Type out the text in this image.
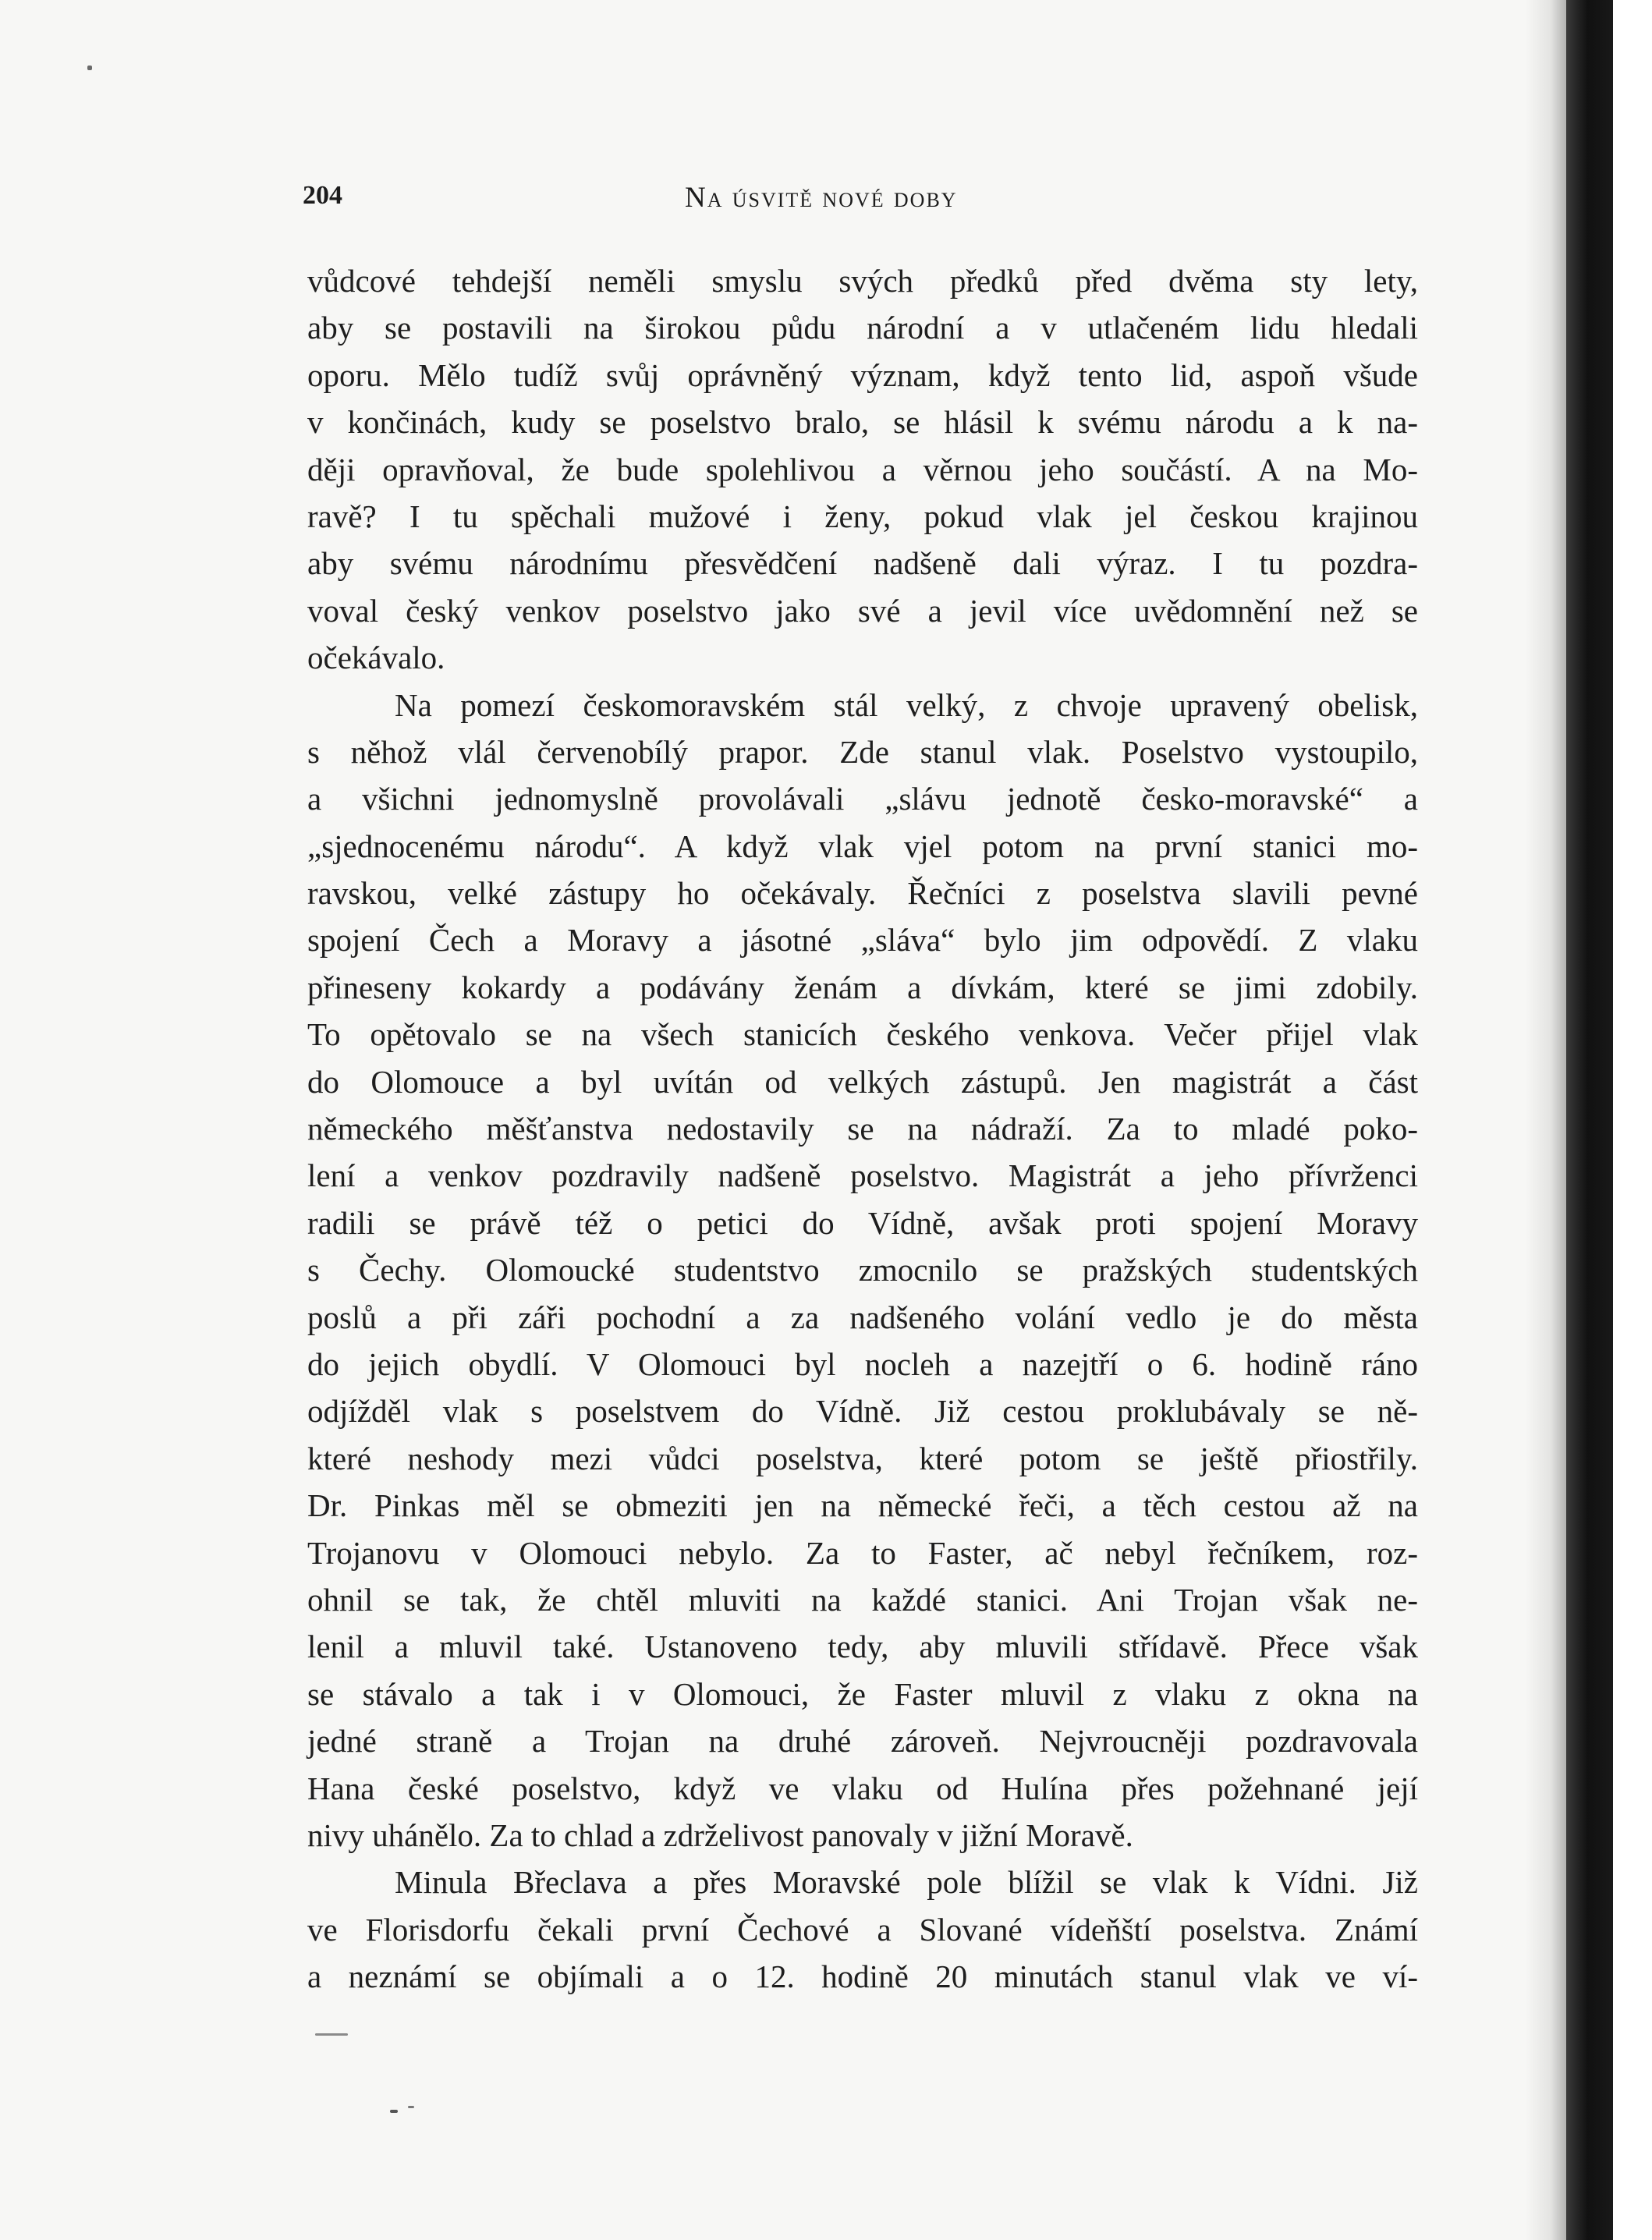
204	Na úsvitě nové doby
vůdcové tehdejší neměli smyslu svých předků před dvěma sty lety,
aby se postavili na širokou půdu národní a v utlačeném lidu hledali
oporu. Mělo tudíž svůj oprávněný význam, když tento lid, aspoň všude
v končinách, kudy se poselstvo bralo, se hlásil k svému národu a k na-
ději opravňoval, že bude spolehlivou a věrnou jeho součástí. A na Mo-
ravě? I tu spěchali mužové i ženy, pokud vlak jel českou krajinou
aby svému národnímu přesvědčení nadšeně dali výraz. I tu pozdra-
voval český venkov poselstvo jako své a jevil více uvědomnění než se
očekávalo.
Na pomezí českomoravském stál velký, z chvoje upravený obelisk,
s něhož vlál červenobílý prapor. Zde stanul vlak. Poselstvo vystoupilo,
a všichni jednomyslně provolávali „slávu jednotě česko-moravské“ a
„sjednocenému národu“. A když vlak vjel potom na první stanici mo-
ravskou, velké zástupy ho očekávaly. Řečníci z poselstva slavili pevné
spojení Čech a Moravy a jásotné „sláva“ bylo jim odpovědí. Z vlaku
přineseny kokardy a podávány ženám a dívkám, které se jimi zdobily.
To opětovalo se na všech stanicích českého venkova. Večer přijel vlak
do Olomouce a byl uvítán od velkých zástupů. Jen magistrát a část
německého měšťanstva nedostavily se na nádraží. Za to mladé poko-
lení a venkov pozdravily nadšeně poselstvo. Magistrát a jeho přívrženci
radili se právě též o petici do Vídně, avšak proti spojení Moravy
s Čechy. Olomoucké studentstvo zmocnilo se pražských studentských
poslů a při záři pochodní a za nadšeného volání vedlo je do města
do jejich obydlí. V Olomouci byl nocleh a nazejtří o 6. hodině ráno
odjížděl vlak s poselstvem do Vídně. Již cestou proklubávaly se ně-
které neshody mezi vůdci poselstva, které potom se ještě přiostřily.
Dr. Pinkas měl se obmeziti jen na německé řeči, a těch cestou až na
Trojanovu v Olomouci nebylo. Za to Faster, ač nebyl řečníkem, roz-
ohnil se tak, že chtěl mluviti na každé stanici. Ani Trojan však ne-
lenil a mluvil také. Ustanoveno tedy, aby mluvili střídavě. Přece však
se stávalo a tak i v Olomouci, že Faster mluvil z vlaku z okna na
jedné straně a Trojan na druhé zároveň. Nejvroucněji pozdravovala
Hana české poselstvo, když ve vlaku od Hulína přes požehnané její
nivy uhánělo. Za to chlad a zdrželivost panovaly v jižní Moravě.
Minula Břeclava a přes Moravské pole blížil se vlak k Vídni. Již
ve Florisdorfu čekali první Čechové a Slované vídeňští poselstva. Známí
a neznámí se objímali a o 12. hodině 20 minutách stanul vlak ve ví-
